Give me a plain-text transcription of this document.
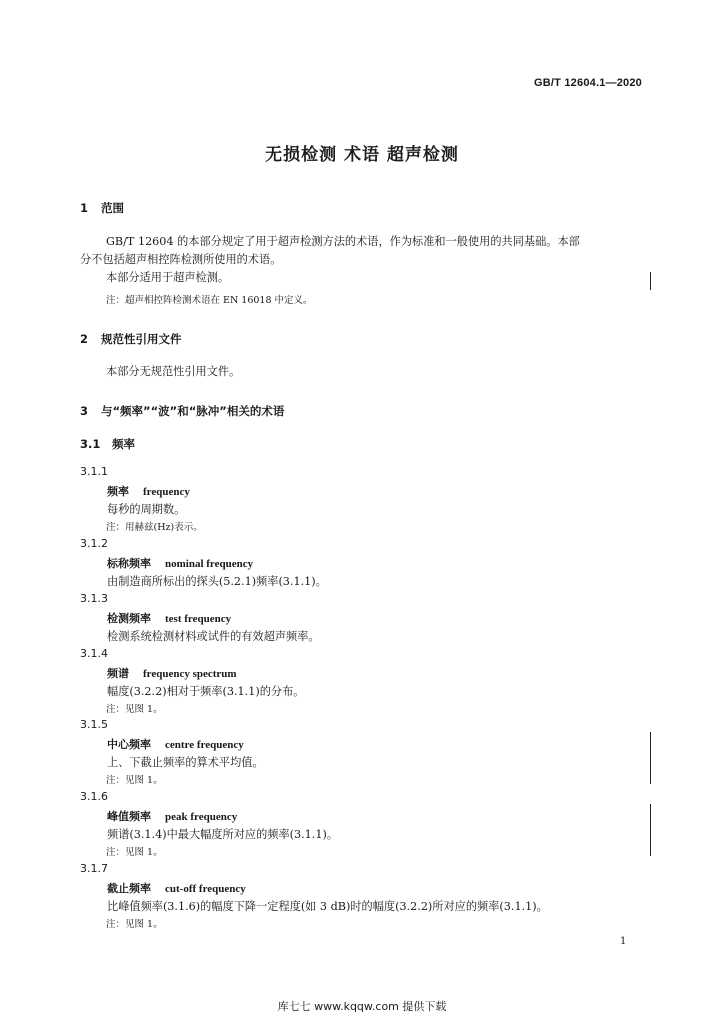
GB/T 12604.1—2020
无损检测 术语 超声检测
1 范围
GB/T 12604 的本部分规定了用于超声检测方法的术语，作为标准和一般使用的共同基础。本部
分不包括超声相控阵检测所使用的术语。
本部分适用于超声检测。
注：超声相控阵检测术语在 EN 16018 中定义。
2 规范性引用文件
本部分无规范性引用文件。
3 与“频率”“波”和“脉冲”相关的术语
3.1 频率
3.1.1
频率 frequency
每秒的周期数。
注：用赫兹(Hz)表示。
3.1.2
标称频率 nominal frequency
由制造商所标出的探头(5.2.1)频率(3.1.1)。
3.1.3
检测频率 test frequency
检测系统检测材料或试件的有效超声频率。
3.1.4
频谱 frequency spectrum
幅度(3.2.2)相对于频率(3.1.1)的分布。
注：见图 1。
3.1.5
中心频率 centre frequency
上、下截止频率的算术平均值。
注：见图 1。
3.1.6
峰值频率 peak frequency
频谱(3.1.4)中最大幅度所对应的频率(3.1.1)。
注：见图 1。
3.1.7
截止频率 cut-off frequency
比峰值频率(3.1.6)的幅度下降一定程度(如 3 dB)时的幅度(3.2.2)所对应的频率(3.1.1)。
注：见图 1。
1
库七七 www.kqqw.com 提供下载
